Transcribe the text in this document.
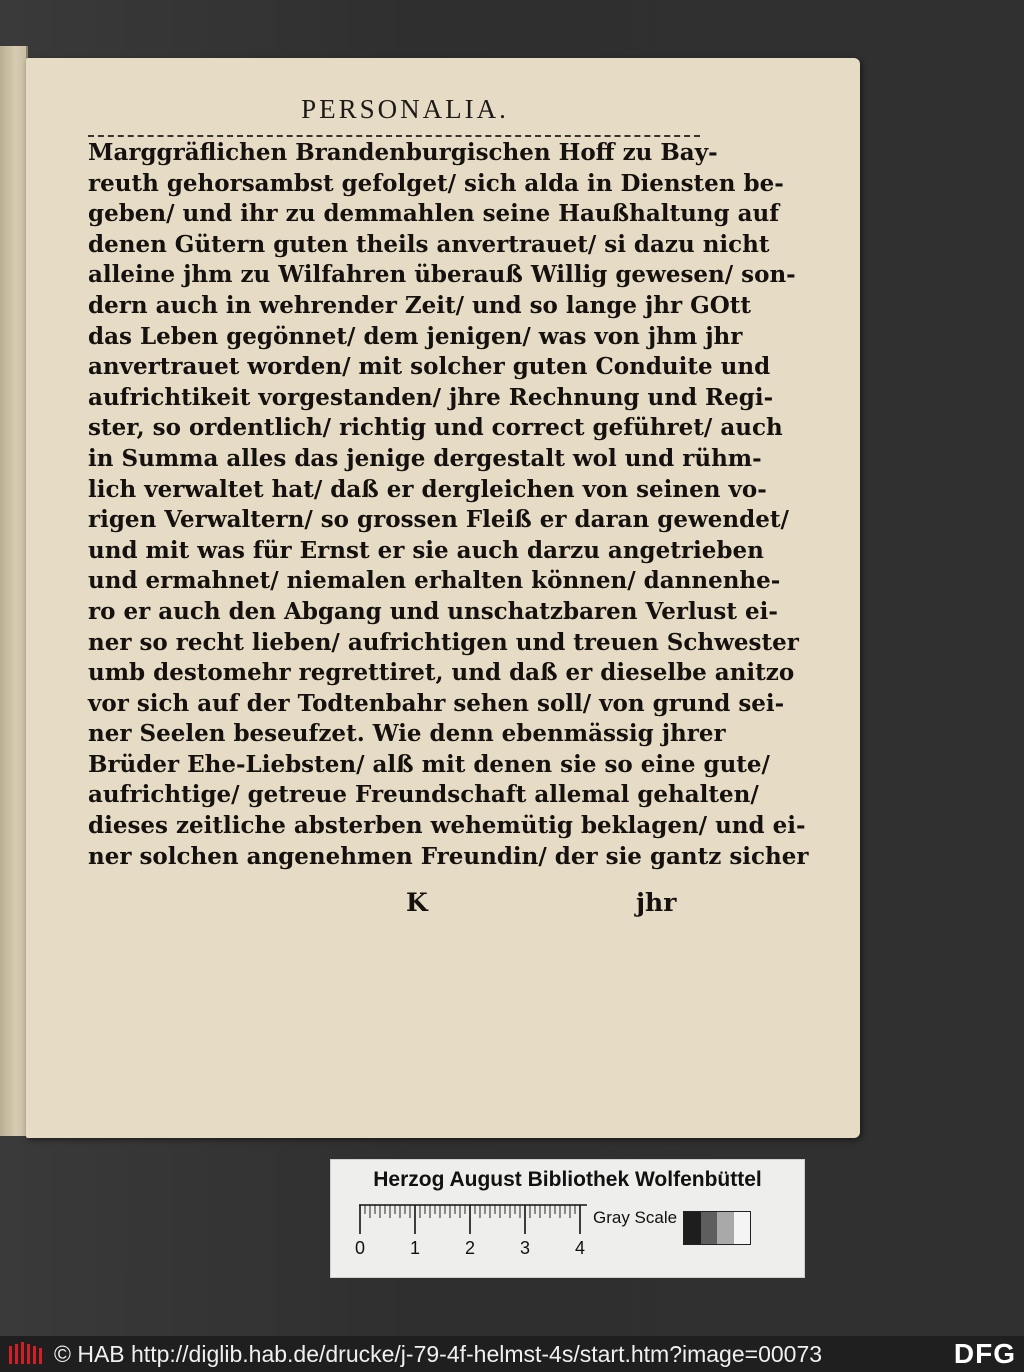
PERSONALIA.
Marggräflichen Brandenburgischen Hoff zu Bay-
reuth gehorsambst gefolget/ sich alda in Diensten be-
geben/ und ihr zu demmahlen seine Haußhaltung auf
denen Gütern guten theils anvertrauet/ si dazu nicht
alleine jhm zu Wilfahren überauß Willig gewesen/ son-
dern auch in wehrender Zeit/ und so lange jhr GOtt
das Leben gegönnet/ dem jenigen/ was von jhm jhr
anvertrauet worden/ mit solcher guten Conduite und
aufrichtikeit vorgestanden/ jhre Rechnung und Regi-
ster, so ordentlich/ richtig und correct geführet/ auch
in Summa alles das jenige dergestalt wol und rühm-
lich verwaltet hat/ daß er dergleichen von seinen vo-
rigen Verwaltern/ so grossen Fleiß er daran gewendet/
und mit was für Ernst er sie auch darzu angetrieben
und ermahnet/ niemalen erhalten können/ dannenhe-
ro er auch den Abgang und unschatzbaren Verlust ei-
ner so recht lieben/ aufrichtigen und treuen Schwester
umb destomehr regrettiret, und daß er dieselbe anitzo
vor sich auf der Todtenbahr sehen soll/ von grund sei-
ner Seelen beseufzet. Wie denn ebenmässig jhrer
Brüder Ehe-Liebsten/ alß mit denen sie so eine gute/
aufrichtige/ getreue Freundschaft allemal gehalten/
dieses zeitliche absterben wehemütig beklagen/ und ei-
ner solchen angenehmen Freundin/ der sie gantz sicher
K	jhr
Herzog August Bibliothek Wolfenbüttel
0 1 2 3 4
Gray Scale
© HAB http://diglib.hab.de/drucke/j-79-4f-helmst-4s/start.htm?image=00073	DFG
